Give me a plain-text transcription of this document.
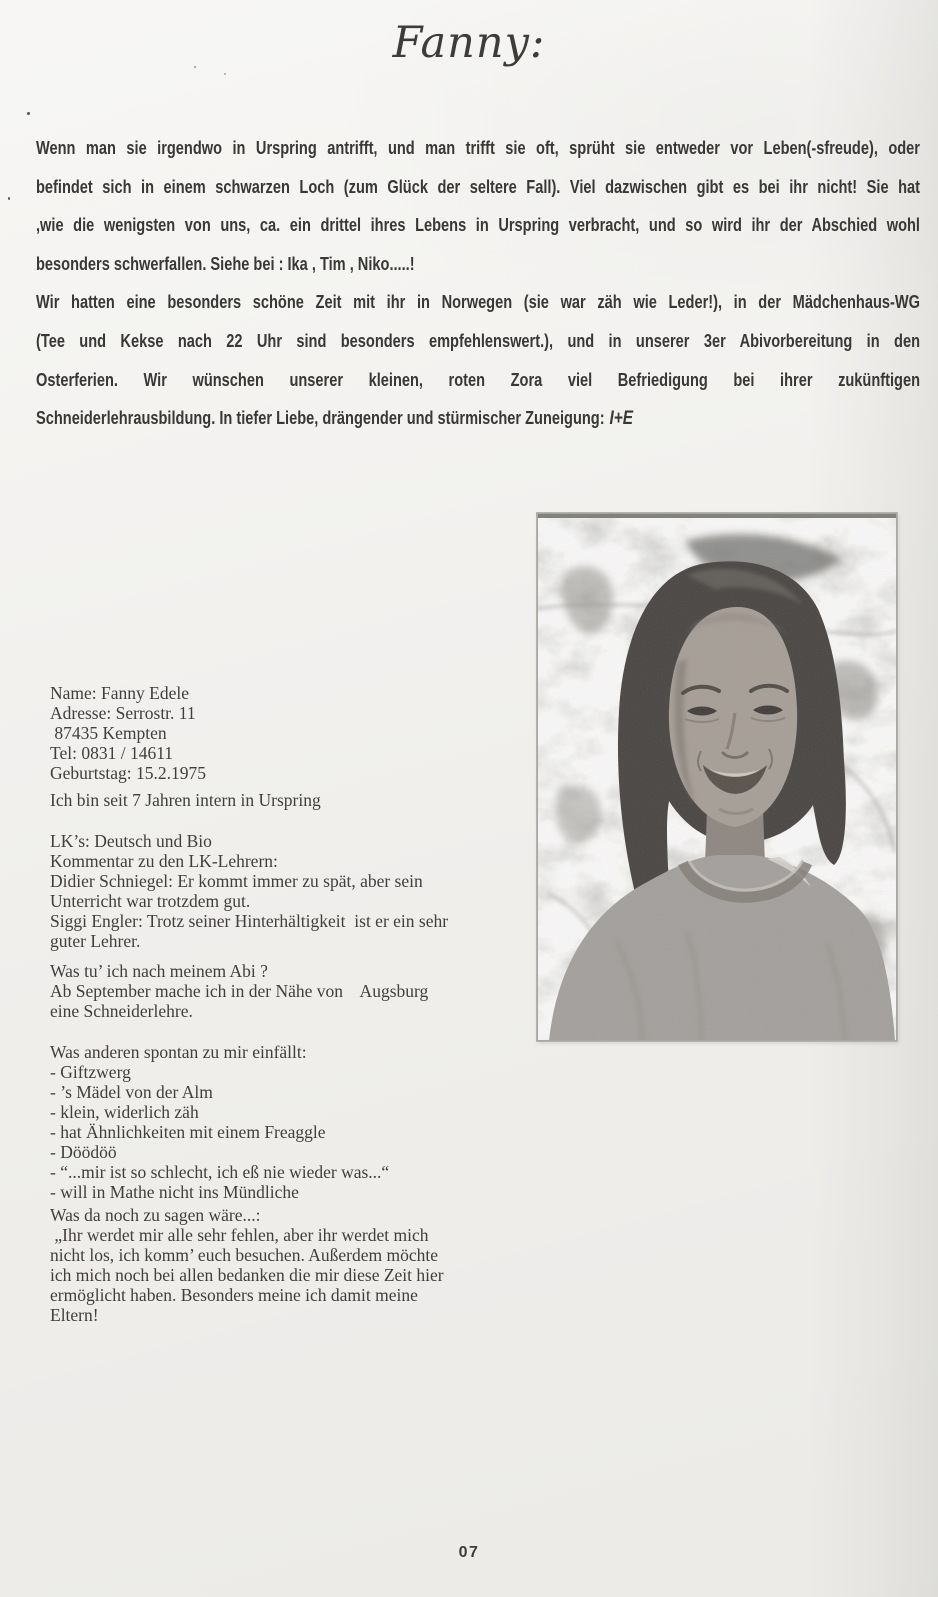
Fanny:
Wenn man sie irgendwo in Urspring antrifft, und man trifft sie oft, sprüht sie entweder vor Leben(-sfreude), oder
befindet sich in einem schwarzen Loch (zum Glück der seltere Fall). Viel dazwischen gibt es bei ihr nicht! Sie hat
,wie die wenigsten von uns, ca. ein drittel ihres Lebens in Urspring verbracht, und so wird ihr der Abschied wohl
besonders schwerfallen. Siehe bei : Ika , Tim , Niko.....!
Wir hatten eine besonders schöne Zeit mit ihr in Norwegen (sie war zäh wie Leder!), in der Mädchenhaus-WG
(Tee und Kekse nach 22 Uhr sind besonders empfehlenswert.), und in unserer 3er Abivorbereitung in den
Osterferien. Wir wünschen unserer kleinen, roten Zora viel Befriedigung bei ihrer zukünftigen
Schneiderlehrausbildung. In tiefer Liebe, drängender und stürmischer Zuneigung: I+E
Name: Fanny Edele
Adresse: Serrostr. 11
87435 Kempten
Tel: 0831 / 14611
Geburtstag: 15.2.1975
Ich bin seit 7 Jahren intern in Urspring
LK’s: Deutsch und Bio
Kommentar zu den LK-Lehrern:
Didier Schniegel: Er kommt immer zu spät, aber sein
Unterricht war trotzdem gut.
Siggi Engler: Trotz seiner Hinterhältigkeit  ist er ein sehr
guter Lehrer.
Was tu’ ich nach meinem Abi ?
Ab September mache ich in der Nähe von    Augsburg
eine Schneiderlehre.
Was anderen spontan zu mir einfällt:
- Giftzwerg
- ’s Mädel von der Alm
- klein, widerlich zäh
- hat Ähnlichkeiten mit einem Freaggle
- Döödöö
- “...mir ist so schlecht, ich eß nie wieder was...“
- will in Mathe nicht ins Mündliche
Was da noch zu sagen wäre...:
„Ihr werdet mir alle sehr fehlen, aber ihr werdet mich
nicht los, ich komm’ euch besuchen. Außerdem möchte
ich mich noch bei allen bedanken die mir diese Zeit hier
ermöglicht haben. Besonders meine ich damit meine
Eltern!
07
